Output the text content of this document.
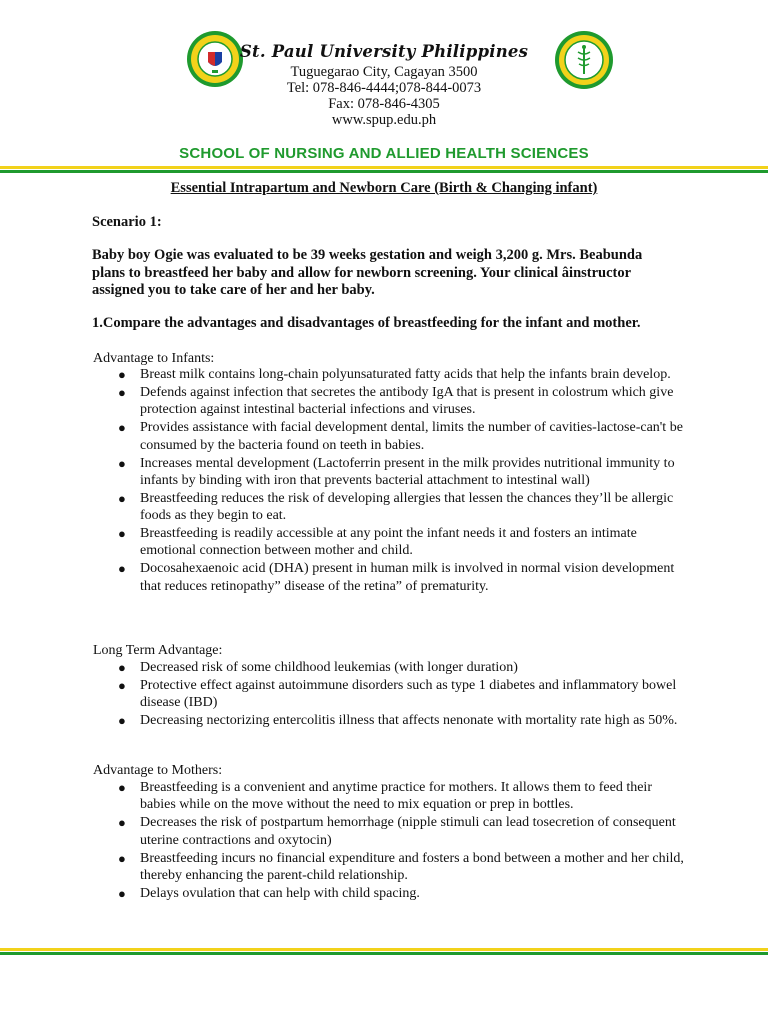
St. Paul University Philippines
Tuguegarao City, Cagayan 3500
Tel: 078-846-4444;078-844-0073
Fax: 078-846-4305
www.spup.edu.ph
SCHOOL OF NURSING AND ALLIED HEALTH SCIENCES
Essential Intrapartum and Newborn Care (Birth & Changing infant)
Scenario 1:
Baby boy Ogie was evaluated to be 39 weeks gestation and weigh 3,200 g. Mrs. Beabunda plans to breastfeed her baby and allow for newborn screening. Your clinical âinstructor assigned you to take care of her and her baby.
1.Compare the advantages and disadvantages of breastfeeding for the infant and mother.
Advantage to Infants:
● Breast milk contains long-chain polyunsaturated fatty acids that help the infants brain develop.
● Defends against infection that secretes the antibody IgA that is present in colostrum which give protection against intestinal bacterial infections and viruses.
● Provides assistance with facial development dental, limits the number of cavities-lactose-can't be consumed by the bacteria found on teeth in babies.
● Increases mental development (Lactoferrin present in the milk provides nutritional immunity to infants by binding with iron that prevents bacterial attachment to intestinal wall)
● Breastfeeding reduces the risk of developing allergies that lessen the chances they’ll be allergic foods as they begin to eat.
● Breastfeeding is readily accessible at any point the infant needs it and fosters an intimate emotional connection between mother and child.
● Docosahexaenoic acid (DHA) present in human milk is involved in normal vision development that reduces retinopathy” disease of the retina” of prematurity.
Long Term Advantage:
● Decreased risk of some childhood leukemias (with longer duration)
● Protective effect against autoimmune disorders such as type 1 diabetes and inflammatory bowel disease (IBD)
● Decreasing nectorizing entercolitis illness that affects nenonate with mortality rate high as 50%.
Advantage to Mothers:
● Breastfeeding is a convenient and anytime practice for mothers. It allows them to feed their babies while on the move without the need to mix equation or prep in bottles.
● Decreases the risk of postpartum hemorrhage (nipple stimuli can lead tosecretion of consequent uterine contractions and oxytocin)
● Breastfeeding incurs no financial expenditure and fosters a bond between a mother and her child, thereby enhancing the parent-child relationship.
● Delays ovulation that can help with child spacing.
